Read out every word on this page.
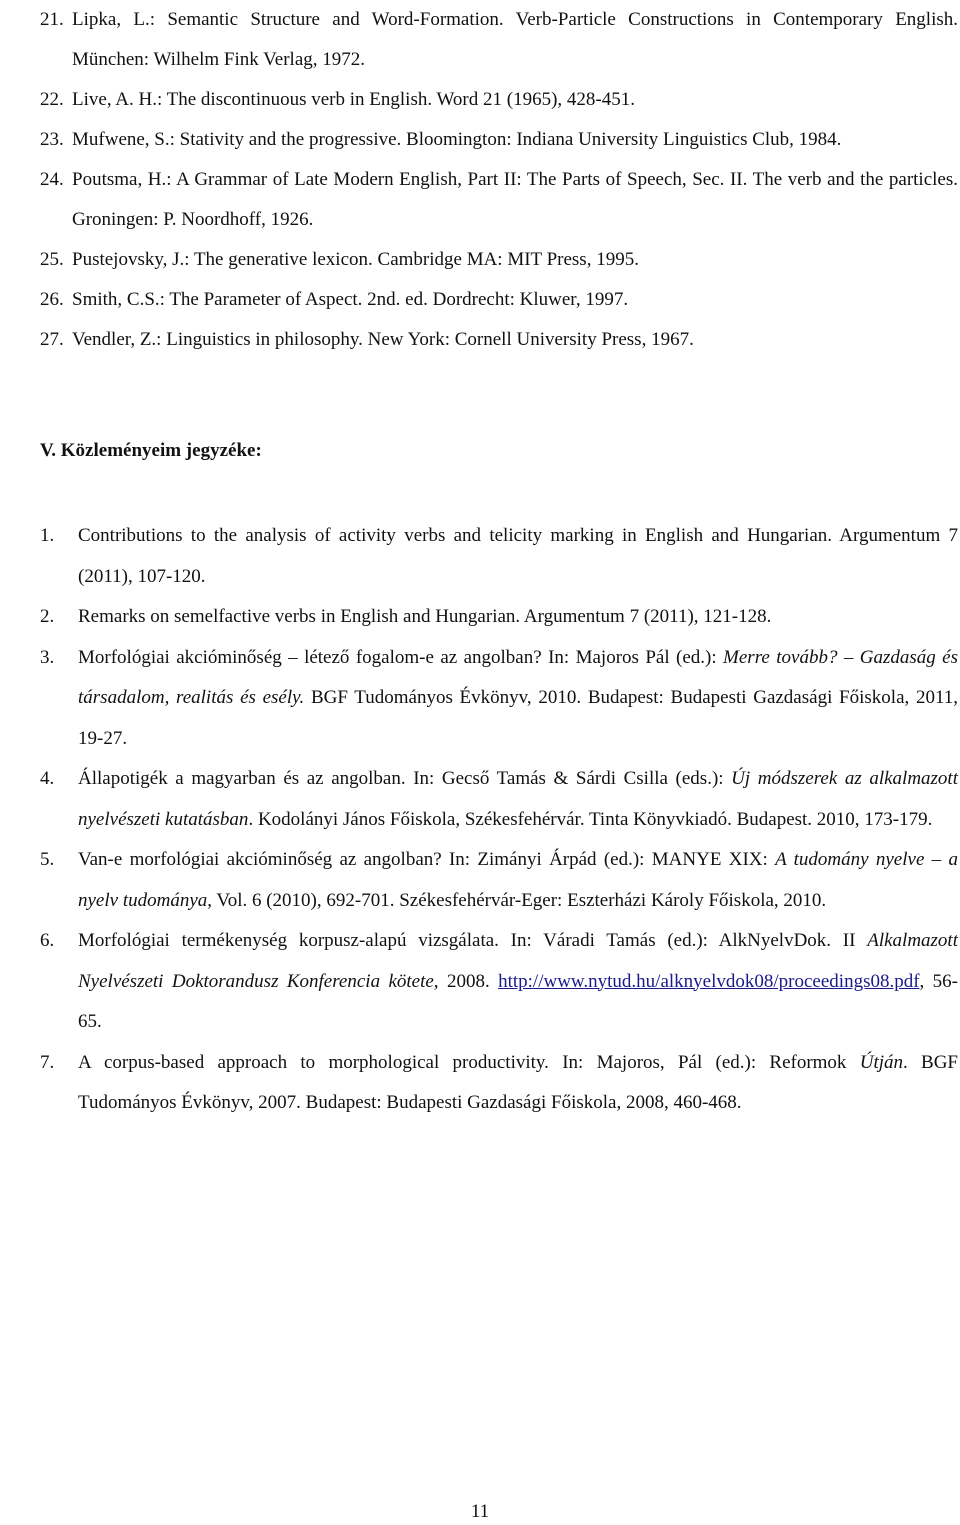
21. Lipka, L.: Semantic Structure and Word-Formation. Verb-Particle Constructions in Contemporary English. München: Wilhelm Fink Verlag, 1972.
22. Live, A. H.: The discontinuous verb in English. Word 21 (1965), 428-451.
23. Mufwene, S.: Stativity and the progressive. Bloomington: Indiana University Linguistics Club, 1984.
24. Poutsma, H.: A Grammar of Late Modern English, Part II: The Parts of Speech, Sec. II. The verb and the particles. Groningen: P. Noordhoff, 1926.
25. Pustejovsky, J.: The generative lexicon. Cambridge MA: MIT Press, 1995.
26. Smith, C.S.: The Parameter of Aspect. 2nd. ed. Dordrecht: Kluwer, 1997.
27. Vendler, Z.: Linguistics in philosophy. New York: Cornell University Press, 1967.
V. Közleményeim jegyzéke:
1.	Contributions to the analysis of activity verbs and telicity marking in English and Hungarian. Argumentum 7 (2011), 107-120.
2.	Remarks on semelfactive verbs in English and Hungarian. Argumentum 7 (2011), 121-128.
3.	Morfológiai akcióminőség – létező fogalom-e az angolban? In: Majoros Pál (ed.): Merre tovább? – Gazdaság és társadalom, realitás és esély. BGF Tudományos Évkönyv, 2010. Budapest: Budapesti Gazdasági Főiskola, 2011, 19-27.
4.	Állapotigék a magyarban és az angolban. In: Gecső Tamás & Sárdi Csilla (eds.): Új módszerek az alkalmazott nyelvészeti kutatásban. Kodolányi János Főiskola, Székesfehérvár. Tinta Könyvkiadó. Budapest. 2010, 173-179.
5.	Van-e morfológiai akcióminőség az angolban? In: Zimányi Árpád (ed.): MANYE XIX: A tudomány nyelve – a nyelv tudománya, Vol. 6 (2010), 692-701. Székesfehérvár-Eger: Eszterházi Károly Főiskola, 2010.
6.	Morfológiai termékenység korpusz-alapú vizsgálata. In: Váradi Tamás (ed.): AlkNyelvDok. II Alkalmazott Nyelvészeti Doktorandusz Konferencia kötete, 2008. http://www.nytud.hu/alknyelvdok08/proceedings08.pdf, 56-65.
7.	A corpus-based approach to morphological productivity. In: Majoros, Pál (ed.): Reformok Útján. BGF Tudományos Évkönyv, 2007. Budapest: Budapesti Gazdasági Főiskola, 2008, 460-468.
11
